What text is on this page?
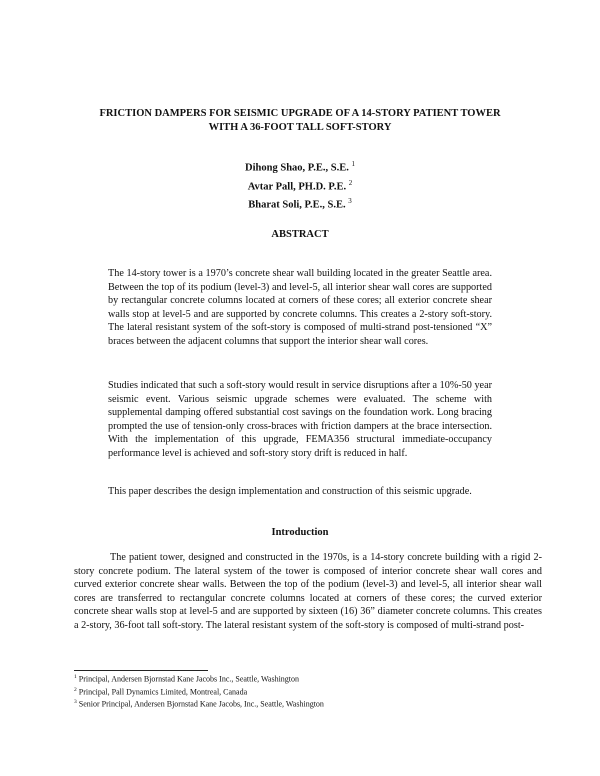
FRICTION DAMPERS FOR SEISMIC UPGRADE OF A 14-STORY PATIENT TOWER
WITH A 36-FOOT TALL SOFT-STORY
Dihong Shao, P.E., S.E. $^1$
Avtar Pall, PH.D. P.E. $^2$
Bharat Soli, P.E., S.E. $^3$
ABSTRACT

The 14-story tower is a 1970’s concrete shear wall building located in the greater Seattle area. Between the top of its podium (level-3) and level-5, all interior shear wall cores are supported by rectangular concrete columns located at corners of these cores; all exterior concrete shear walls stop at level-5 and are supported by concrete columns. This creates a 2-story soft-story. The lateral resistant system of the soft-story is composed of multi-strand post-tensioned “X” braces between the adjacent columns that support the interior shear wall cores.

Studies indicated that such a soft-story would result in service disruptions after a 10%-50 year seismic event. Various seismic upgrade schemes were evaluated. The scheme with supplemental damping offered substantial cost savings on the foundation work. Long bracing prompted the use of tension-only cross-braces with friction dampers at the brace intersection. With the implementation of this upgrade, FEMA356 structural immediate-occupancy performance level is achieved and soft-story story drift is reduced in half.

This paper describes the design implementation and construction of this seismic upgrade.

Introduction

The patient tower, designed and constructed in the 1970s, is a 14-story concrete building with a rigid 2-story concrete podium. The lateral system of the tower is composed of interior concrete shear wall cores and curved exterior concrete shear walls. Between the top of the podium (level-3) and level-5, all interior shear wall cores are transferred to rectangular concrete columns located at corners of these cores; the curved exterior concrete shear walls stop at level-5 and are supported by sixteen (16) 36” diameter concrete columns. This creates a 2-story, 36-foot tall soft-story. The lateral resistant system of the soft-story is composed of multi-strand post-

$^1$ Principal, Andersen Bjornstad Kane Jacobs Inc., Seattle, Washington
$^2$ Principal, Pall Dynamics Limited, Montreal, Canada
$^3$ Senior Principal, Andersen Bjornstad Kane Jacobs, Inc., Seattle, Washington
